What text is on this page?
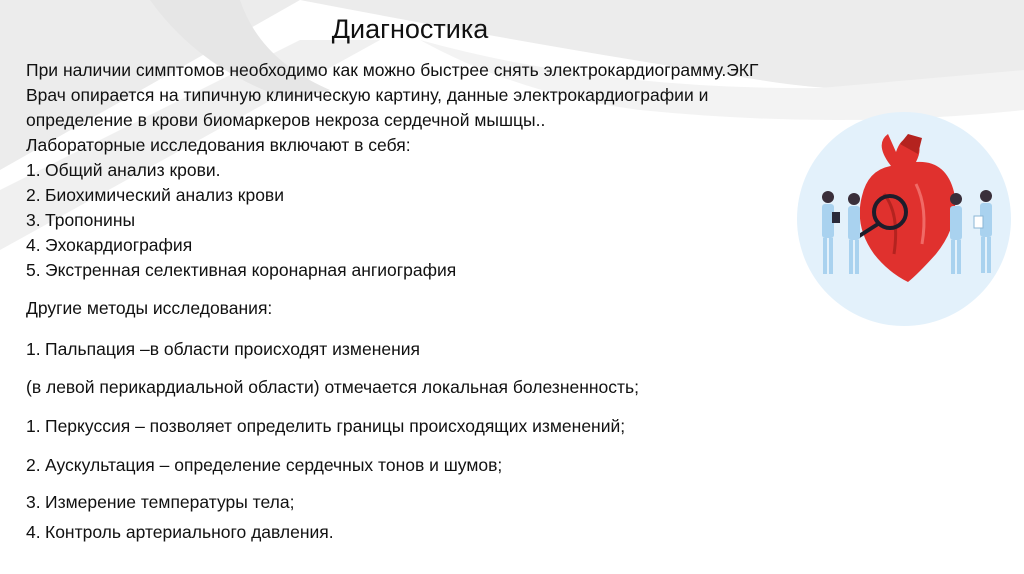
Диагностика
При наличии симптомов необходимо как можно быстрее снять электрокардиограмму.ЭКГ
Врач опирается на типичную клиническую картину, данные электрокардиографии и
определение в крови биомаркеров некроза сердечной мышцы..
Лабораторные исследования включают в себя:
1. Общий анализ крови.
2. Биохимический анализ крови
3. Тропонины
4. Эхокардиография
5. Экстренная селективная коронарная ангиография
Другие методы исследования:
1. Пальпация –в области происходят изменения
(в левой перикардиальной области) отмечается локальная болезненность;
1. Перкуссия – позволяет определить границы происходящих изменений;
2. Аускультация – определение сердечных тонов и шумов;
3. Измерение температуры тела;
4. Контроль артериального давления.
